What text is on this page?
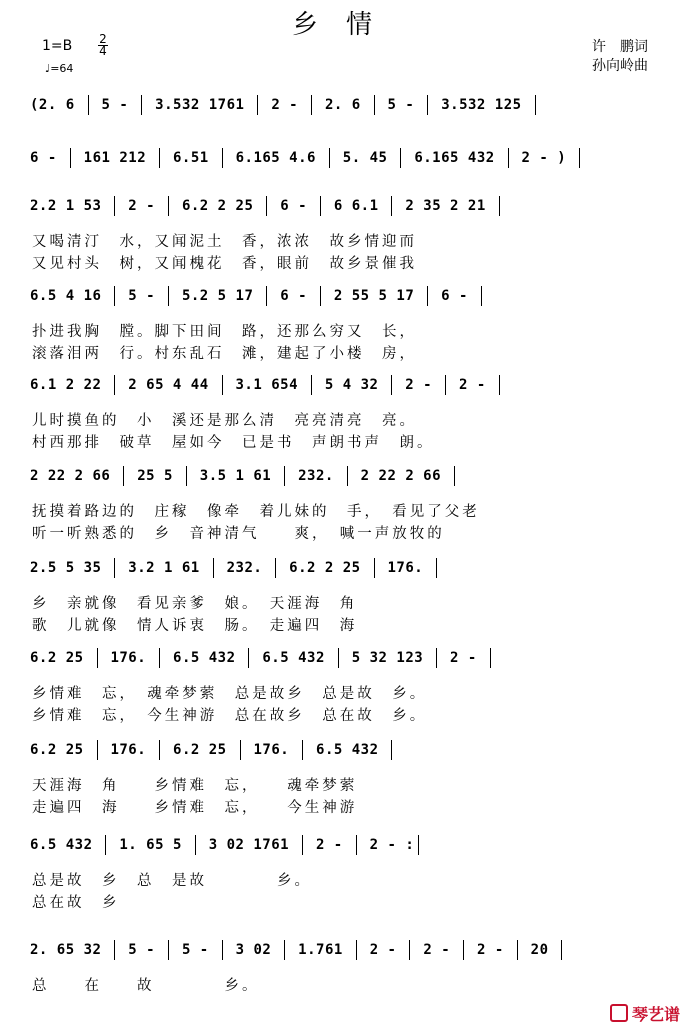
乡情
1=B 2
4
♩=64
许　鹏词
孙向岭曲
(2. 6  5 -  3.532 1761  2 -  2. 6  5 -  3.532 125
6 -  161 212  6.51  6.165 4.6  5. 45  6.165 432  2 - )
2.2 1 53  2 -  6.2 2 25  6 -  6 6.1  2 35 2 21
又喝清汀　水，又闻泥土　香，浓浓　故乡情迎而
又见村头　树，又闻槐花　香，眼前　故乡景催我
6.5 4 16  5 -  5.2 5 17  6 -  2 55 5 17  6 -
扑进我胸　膛。脚下田间　路，还那么穷又　长，
滚落泪两　行。村东乱石　滩，建起了小楼　房，
6.1 2 22  2 65 4 44  3.1 654  5 4 32  2 -  2 -
儿时摸鱼的　小　溪还是那么清　亮亮清亮　亮。
村西那排　破草　屋如今　已是书　声朗书声　朗。
2 22 2 66  25 5  3.5 1 61  232.  2 22 2 66
抚摸着路边的　庄稼　像牵　着儿妹的　手，　看见了父老
听一听熟悉的　乡　音神清气　　爽，　喊一声放牧的
2.5 5 35  3.2 1 61  232.  6.2 2 25  176.
乡　亲就像　看见亲爹　娘。　天涯海　角
歌　儿就像　情人诉衷　肠。　走遍四　海
6.2 25  176.  6.5 432  6.5 432  5 32 123  2 -
乡情难　忘，　魂牵梦萦　总是故乡　总是故　乡。
乡情难　忘，　今生神游　总在故乡　总在故　乡。
6.2 25  176.  6.2 25  176.  6.5 432
天涯海　角　　乡情难　忘，　　魂牵梦萦
走遍四　海　　乡情难　忘，　　今生神游
6.5 432  1. 65 5  3 02 1761  2 -  2 - :
总是故　乡　总　是故　　　　乡。
总在故　乡
2. 65 32  5 -  5 -  3 02  1.761  2 -  2 -  2 -  20
总　　在　　故　　　　乡。
琴艺谱
